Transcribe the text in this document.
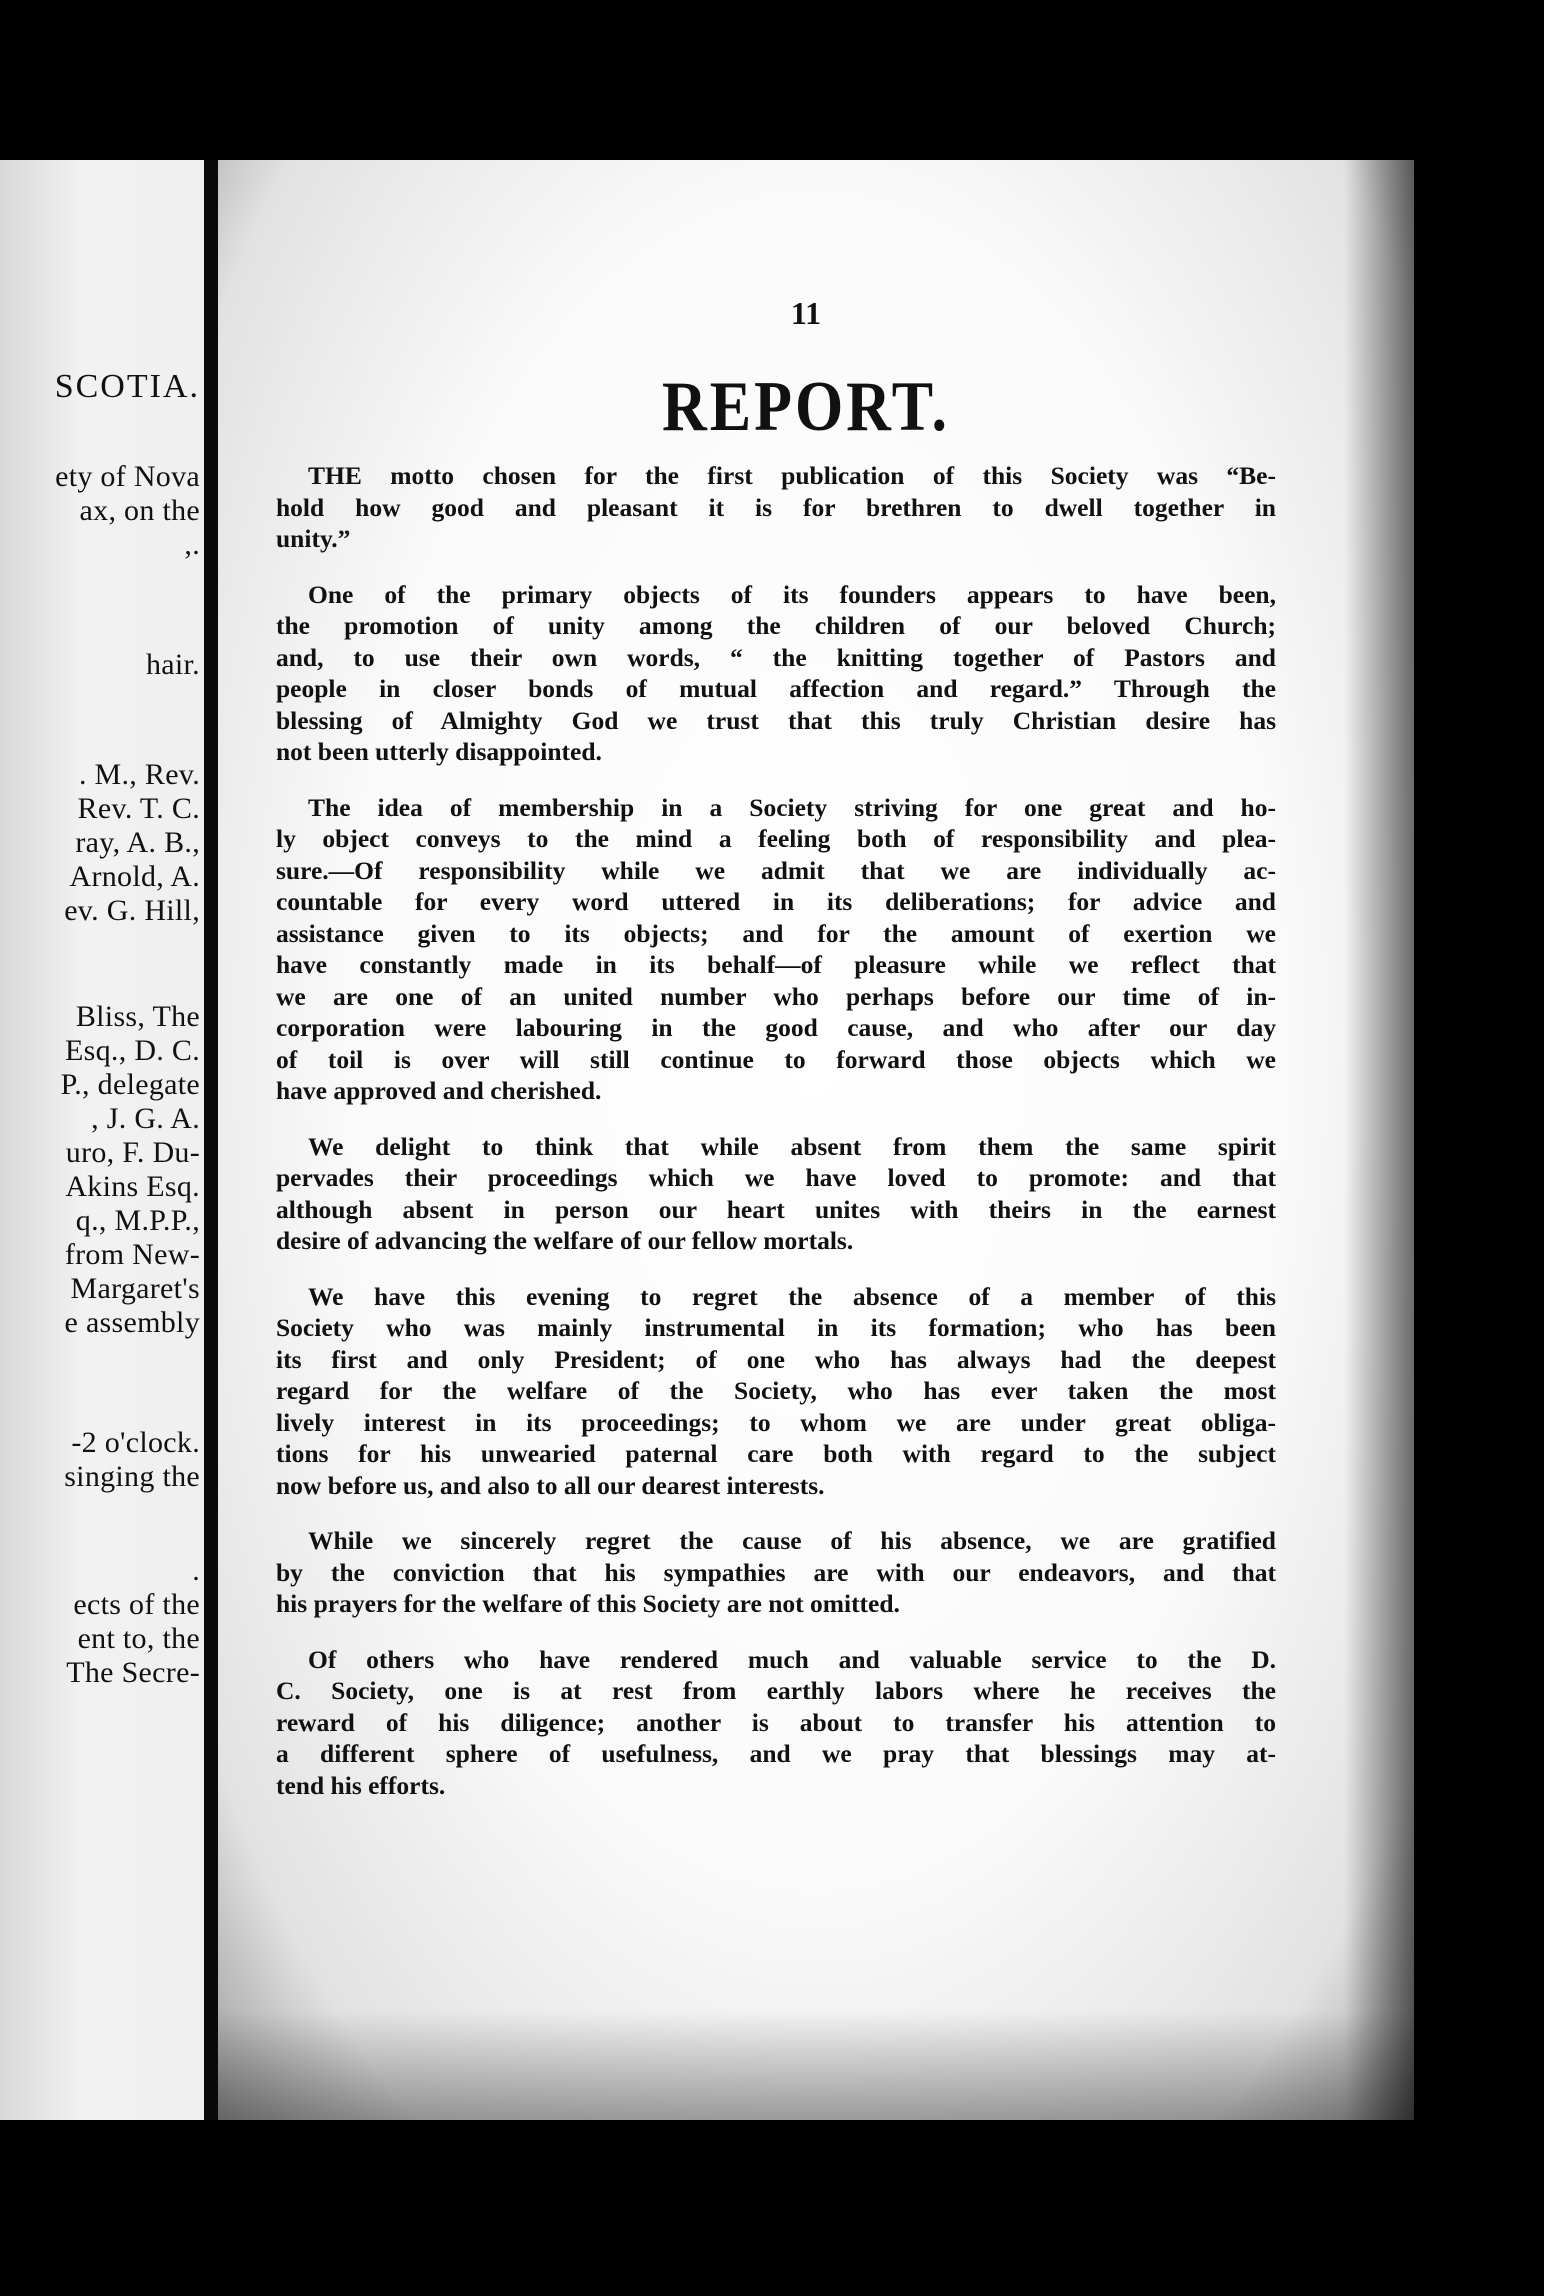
SCOTIA.
ety of Nova
ax, on the
,.
hair.
. M., Rev.
Rev. T. C.
ray, A. B.,
Arnold, A.
ev. G. Hill,
Bliss, The
Esq., D. C.
P., delegate
, J. G. A.
uro, F. Du-
Akins Esq.
q., M.P.P.,
from New-
Margaret's
e assembly
-2 o'clock.
singing the
.
ects of the
ent to, the
The Secre-
11
REPORT.
THE motto chosen for the first publication of this Society was “Be-
hold how good and pleasant it is for brethren to dwell together in
unity.”
One of the primary objects of its founders appears to have been,
the promotion of unity among the children of our beloved Church;
and, to use their own words, “ the knitting together of Pastors and
people in closer bonds of mutual affection and regard.” Through the
blessing of Almighty God we trust that this truly Christian desire has
not been utterly disappointed.
The idea of membership in a Society striving for one great and ho-
ly object conveys to the mind a feeling both of responsibility and plea-
sure.—Of responsibility while we admit that we are individually ac-
countable for every word uttered in its deliberations; for advice and
assistance given to its objects; and for the amount of exertion we
have constantly made in its behalf—of pleasure while we reflect that
we are one of an united number who perhaps before our time of in-
corporation were labouring in the good cause, and who after our day
of toil is over will still continue to forward those objects which we
have approved and cherished.
We delight to think that while absent from them the same spirit
pervades their proceedings which we have loved to promote: and that
although absent in person our heart unites with theirs in the earnest
desire of advancing the welfare of our fellow mortals.
We have this evening to regret the absence of a member of this
Society who was mainly instrumental in its formation; who has been
its first and only President; of one who has always had the deepest
regard for the welfare of the Society, who has ever taken the most
lively interest in its proceedings; to whom we are under great obliga-
tions for his unwearied paternal care both with regard to the subject
now before us, and also to all our dearest interests.
While we sincerely regret the cause of his absence, we are gratified
by the conviction that his sympathies are with our endeavors, and that
his prayers for the welfare of this Society are not omitted.
Of others who have rendered much and valuable service to the D.
C. Society, one is at rest from earthly labors where he receives the
reward of his diligence; another is about to transfer his attention to
a different sphere of usefulness, and we pray that blessings may at-
tend his efforts.
